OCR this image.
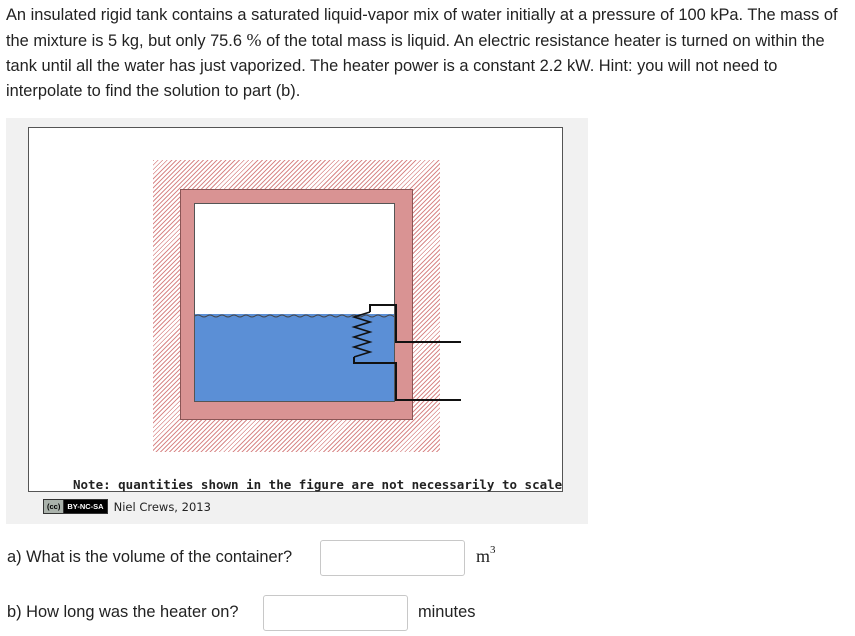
An insulated rigid tank contains a saturated liquid-vapor mix of water initially at a pressure of 100 kPa. The mass of the mixture is 5 kg, but only 75.6 % of the total mass is liquid. An electric resistance heater is turned on within the tank until all the water has just vaporized. The heater power is a constant 2.2 kW. Hint: you will not need to interpolate to find the solution to part (b).
Note: quantities shown in the figure are not necessarily to scale
(cc) BY-NC-SA Niel Crews, 2013
a) What is the volume of the container?	$m^3$
b) How long was the heater on?	minutes
